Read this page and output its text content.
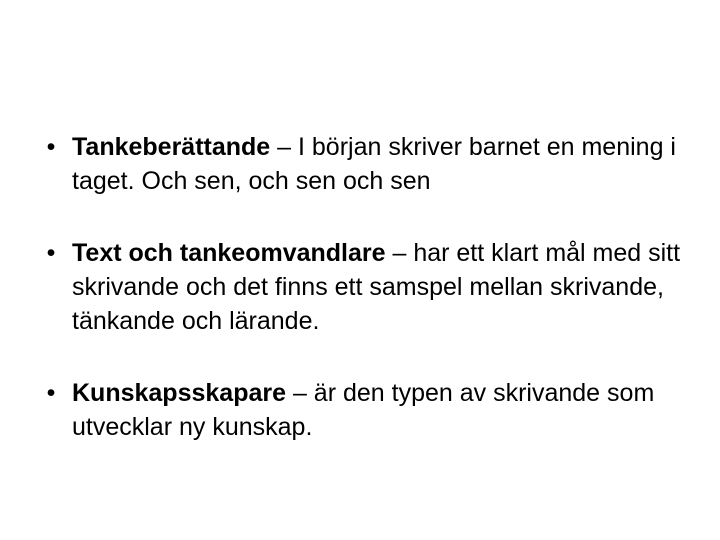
• Tankeberättande – I början skriver barnet en mening i taget. Och sen, och sen och sen
• Text och tankeomvandlare – har ett klart mål med sitt skrivande och det finns ett samspel mellan skrivande, tänkande och lärande.
• Kunskapsskapare – är den typen av skrivande som utvecklar ny kunskap.
